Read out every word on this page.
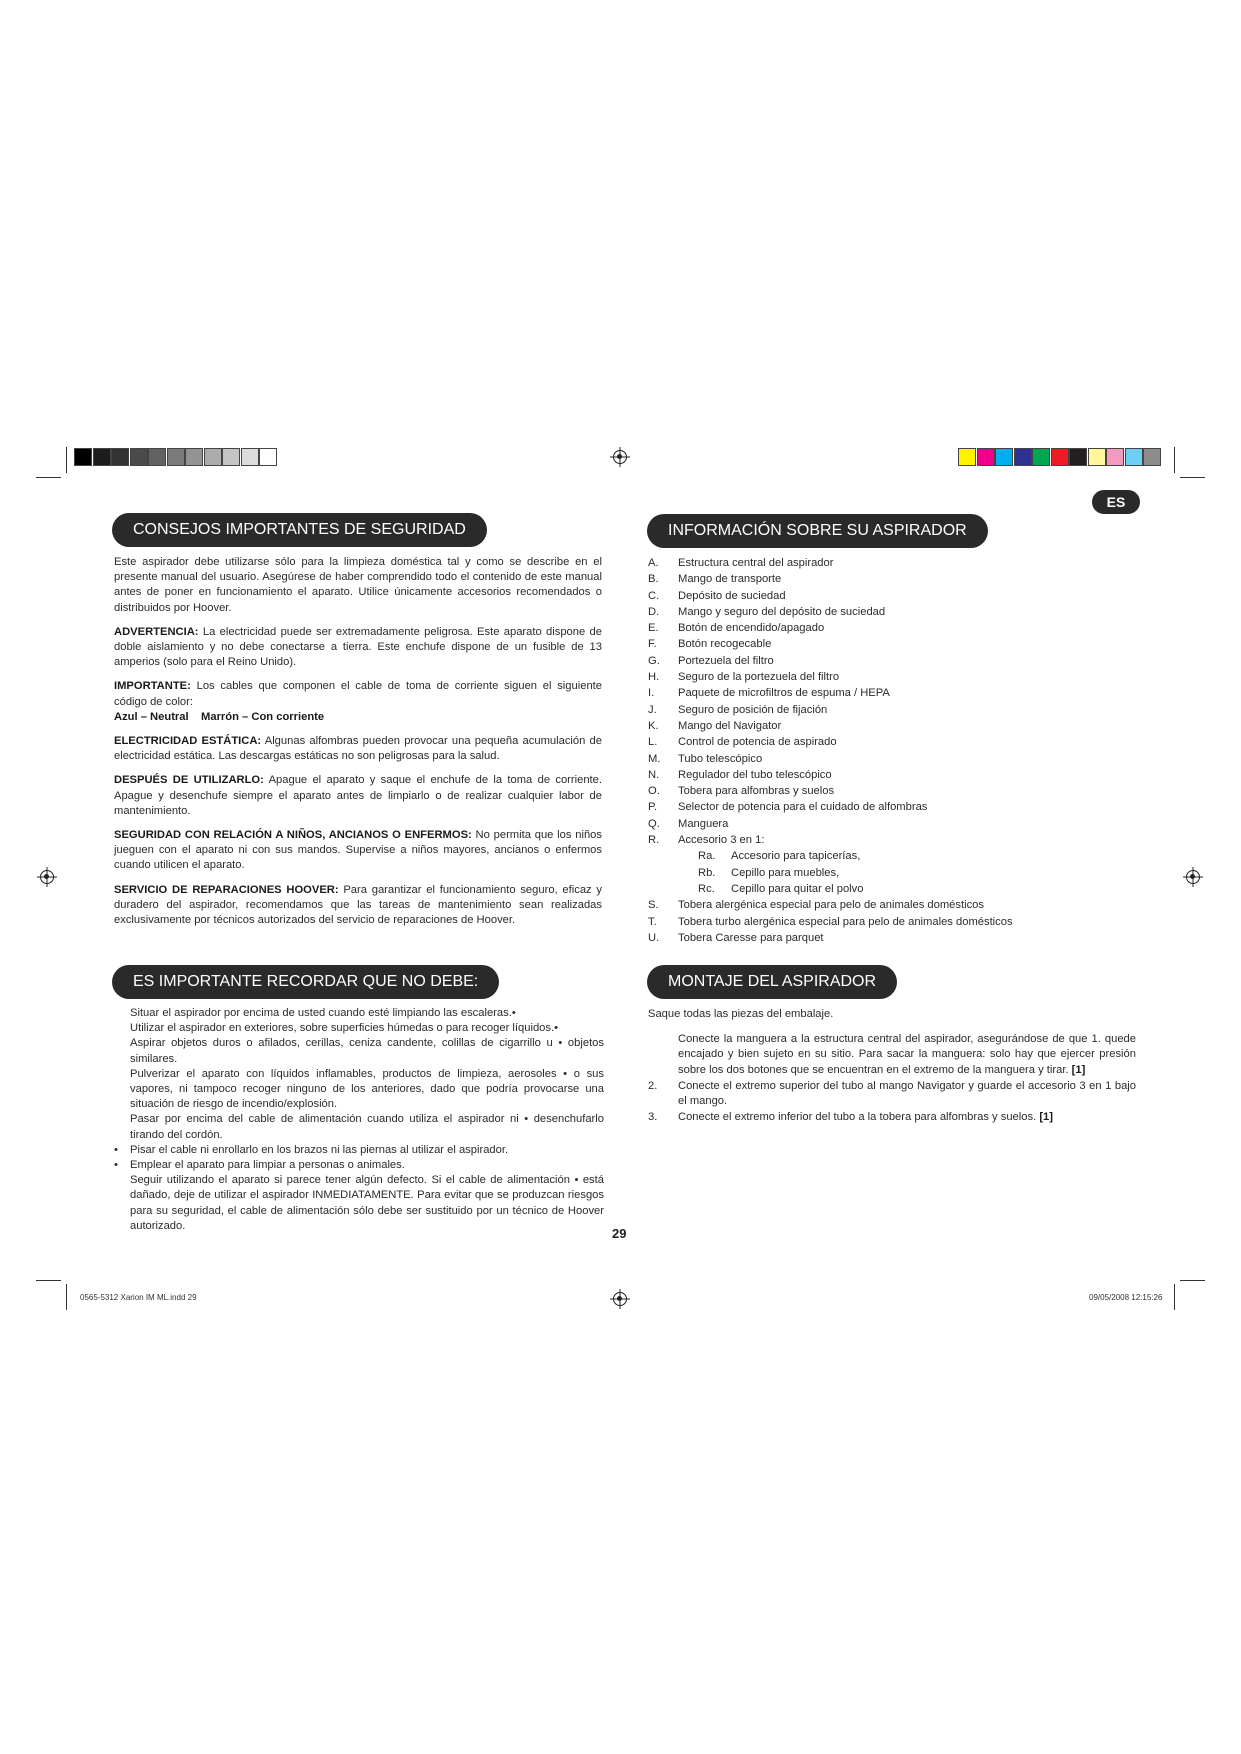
ES
CONSEJOS IMPORTANTES DE SEGURIDAD

Este aspirador debe utilizarse sólo para la limpieza doméstica tal y como se describe en el presente manual del usuario. Asegúrese de haber comprendido todo el contenido de este manual antes de poner en funcionamiento el aparato. Utilice únicamente accesorios recomendados o distribuidos por Hoover.

ADVERTENCIA: La electricidad puede ser extremadamente peligrosa. Este aparato dispone de doble aislamiento y no debe conectarse a tierra. Este enchufe dispone de un fusible de 13 amperios (solo para el Reino Unido).

IMPORTANTE: Los cables que componen el cable de toma de corriente siguen el siguiente código de color:

Azul – Neutral    Marrón – Con corriente

ELECTRICIDAD ESTÁTICA: Algunas alfombras pueden provocar una pequeña acumulación de electricidad estática. Las descargas estáticas no son peligrosas para la salud.

DESPUÉS DE UTILIZARLO: Apague el aparato y saque el enchufe de la toma de corriente. Apague y desenchufe siempre el aparato antes de limpiarlo o de realizar cualquier labor de mantenimiento.

SEGURIDAD CON RELACIÓN A NIÑOS, ANCIANOS O ENFERMOS: No permita que los niños jueguen con el aparato ni con sus mandos. Supervise a niños mayores, ancianos o enfermos cuando utilicen el aparato.

SERVICIO DE REPARACIONES HOOVER: Para garantizar el funcionamiento seguro, eficaz y duradero del aspirador, recomendamos que las tareas de mantenimiento sean realizadas exclusivamente por técnicos autorizados del servicio de reparaciones de Hoover.

ES IMPORTANTE RECORDAR QUE NO DEBE:
Situar el aspirador por encima de usted cuando esté limpiando las escaleras.•
Utilizar el aspirador en exteriores, sobre superficies húmedas o para recoger líquidos.•
Aspirar objetos duros o afilados, cerillas, ceniza candente, colillas de cigarrillo u • objetos similares.
Pulverizar el aparato con líquidos inflamables, productos de limpieza, aerosoles • o sus vapores, ni tampoco recoger ninguno de los anteriores, dado que podría provocarse una situación de riesgo de incendio/explosión.
Pasar por encima del cable de alimentación cuando utiliza el aspirador ni • desenchufarlo tirando del cordón.
• Pisar el cable ni enrollarlo en los brazos ni las piernas al utilizar el aspirador.
• Emplear el aparato para limpiar a personas o animales.
Seguir utilizando el aparato si parece tener algún defecto. Si el cable de alimentación • está dañado, deje de utilizar el aspirador INMEDIATAMENTE. Para evitar que se produzcan riesgos para su seguridad, el cable de alimentación sólo debe ser sustituido por un técnico de Hoover autorizado.
29
INFORMACIÓN SOBRE SU ASPIRADOR
A.	Estructura central del aspirador
B.	Mango de transporte
C.	Depósito de suciedad
D.	Mango y seguro del depósito de suciedad
E.	Botón de encendido/apagado
F.	Botón recogecable
G.	Portezuela del filtro
H.	Seguro de la portezuela del filtro
I.	Paquete de microfiltros de espuma / HEPA
J.	Seguro de posición de fijación
K.	Mango del Navigator
L.	Control de potencia de aspirado
M.	Tubo telescópico
N.	Regulador del tubo telescópico
O.	Tobera para alfombras y suelos
P.	Selector de potencia para el cuidado de alfombras
Q.	Manguera
R.	Accesorio 3 en 1:
Ra.	Accesorio para tapicerías,
Rb.	Cepillo para muebles,
Rc.	Cepillo para quitar el polvo
S.	Tobera alergénica especial para pelo de animales domésticos
T.	Tobera turbo alergénica especial para pelo de animales domésticos
U.	Tobera Caresse para parquet
MONTAJE DEL ASPIRADOR

Saque todas las piezas del embalaje.

Conecte la manguera a la estructura central del aspirador, asegurándose de que 1. quede encajado y bien sujeto en su sitio. Para sacar la manguera: solo hay que ejercer presión sobre los dos botones que se encuentran en el extremo de la manguera y tirar. [1]
2.	Conecte el extremo superior del tubo al mango Navigator y guarde el accesorio 3 en 1 bajo el mango.
3.	Conecte el extremo inferior del tubo a la tobera para alfombras y suelos. [1]
0565-5312 Xarion IM ML.indd 29	09/05/2008 12:15:26
